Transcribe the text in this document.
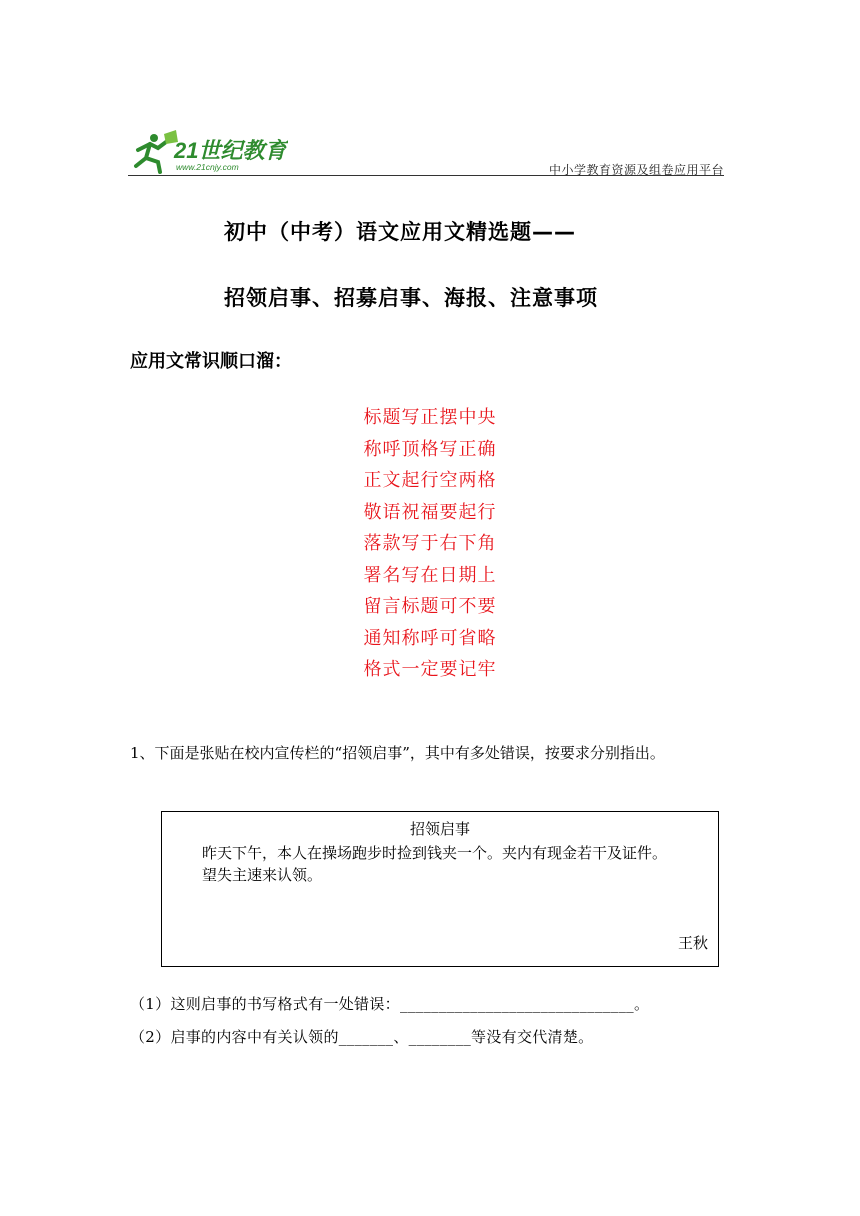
21世纪教育
www.21cnjy.com	中小学教育资源及组卷应用平台
初中（中考）语文应用文精选题——
招领启事、招募启事、海报、注意事项
应用文常识顺口溜：
标题写正摆中央
称呼顶格写正确
正文起行空两格
敬语祝福要起行
落款写于右下角
署名写在日期上
留言标题可不要
通知称呼可省略
格式一定要记牢
1、下面是张贴在校内宣传栏的“招领启事”，其中有多处错误，按要求分别指出。
招领启事

昨天下午，本人在操场跑步时捡到钱夹一个。夹内有现金若干及证件。

望失主速来认领。

王秋
（1）这则启事的书写格式有一处错误：______________________________。
（2）启事的内容中有关认领的_______、________等没有交代清楚。
